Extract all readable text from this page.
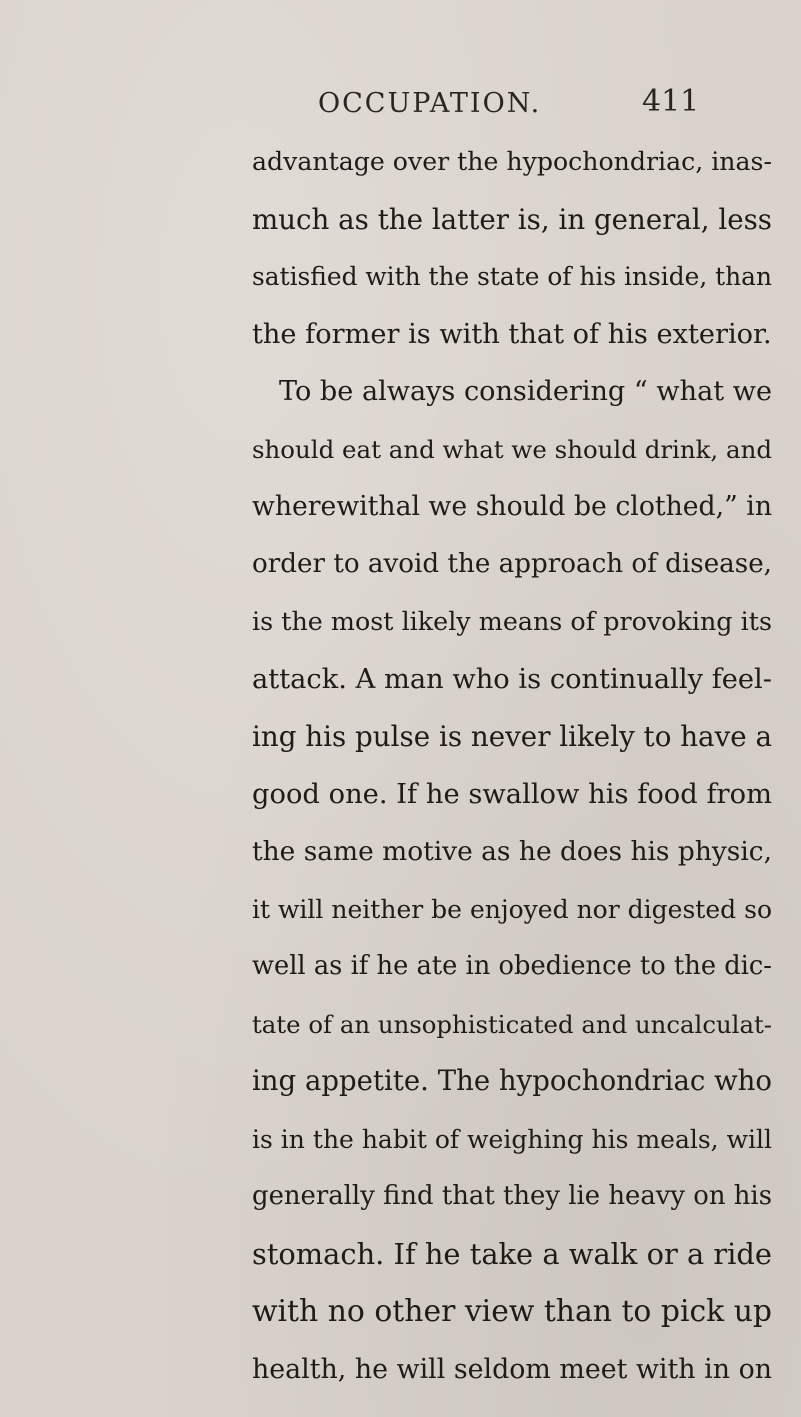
OCCUPATION.	411
advantage over the hypochondriac, inas-
much as the latter is, in general, less
satisfied with the state of his inside, than
the former is with that of his exterior.
To be always considering “ what we
should eat and what we should drink, and
wherewithal we should be clothed,” in
order to avoid the approach of disease,
is the most likely means of provoking its
attack. A man who is continually feel-
ing his pulse is never likely to have a
good one. If he swallow his food from
the same motive as he does his physic,
it will neither be enjoyed nor digested so
well as if he ate in obedience to the dic-
tate of an unsophisticated and uncalculat-
ing appetite. The hypochondriac who
is in the habit of weighing his meals, will
generally find that they lie heavy on his
stomach. If he take a walk or a ride
with no other view than to pick up
health, he will seldom meet with in on
